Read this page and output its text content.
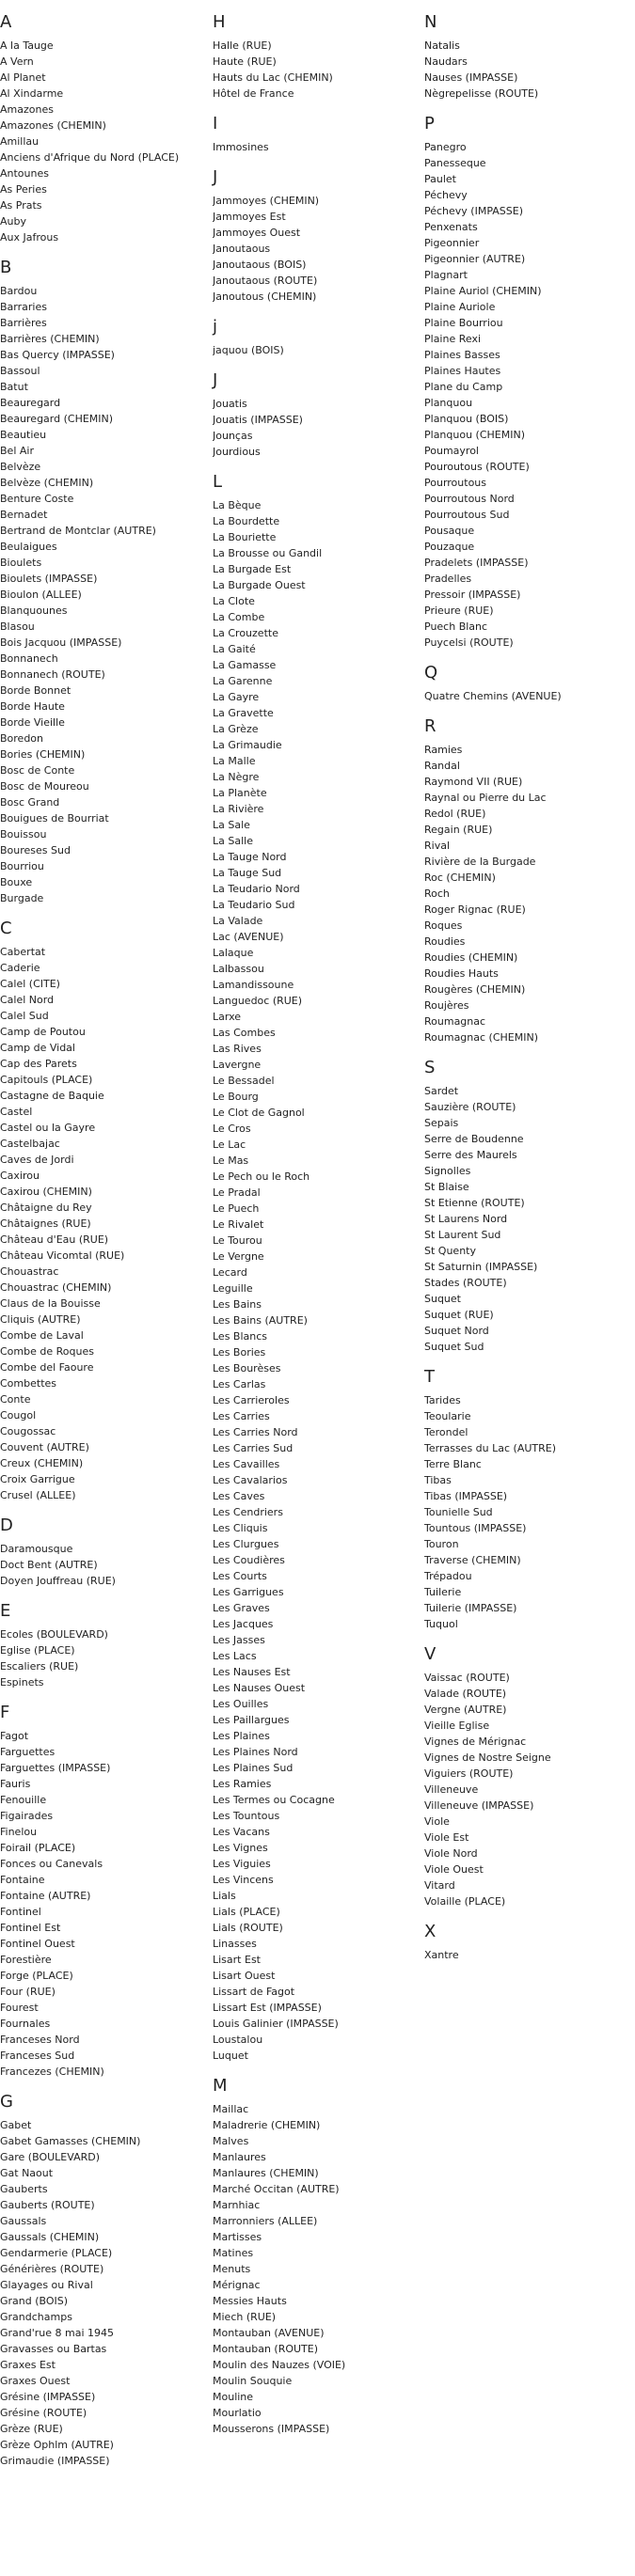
A
A la Tauge
A Vern
Al Planet
Al Xindarme
Amazones
Amazones (CHEMIN)
Amillau
Anciens d'Afrique du Nord (PLACE)
Antounes
As Peries
As Prats
Auby
Aux Jafrous
B
Bardou
Barraries
Barrières
Barrières (CHEMIN)
Bas Quercy (IMPASSE)
Bassoul
Batut
Beauregard
Beauregard (CHEMIN)
Beautieu
Bel Air
Belvèze
Belvèze (CHEMIN)
Benture Coste
Bernadet
Bertrand de Montclar (AUTRE)
Beulaigues
Bioulets
Bioulets (IMPASSE)
Bioulon (ALLEE)
Blanquounes
Blasou
Bois Jacquou (IMPASSE)
Bonnanech
Bonnanech (ROUTE)
Borde Bonnet
Borde Haute
Borde Vieille
Boredon
Bories (CHEMIN)
Bosc de Conte
Bosc de Moureou
Bosc Grand
Bouigues de Bourriat
Bouissou
Boureses Sud
Bourriou
Bouxe
Burgade
C
Cabertat
Caderie
Calel (CITE)
Calel Nord
Calel Sud
Camp de Poutou
Camp de Vidal
Cap des Parets
Capitouls (PLACE)
Castagne de Baquie
Castel
Castel ou la Gayre
Castelbajac
Caves de Jordi
Caxirou
Caxirou (CHEMIN)
Châtaigne du Rey
Châtaignes (RUE)
Château d'Eau (RUE)
Château Vicomtal (RUE)
Chouastrac
Chouastrac (CHEMIN)
Claus de la Bouisse
Cliquis (AUTRE)
Combe de Laval
Combe de Roques
Combe del Faoure
Combettes
Conte
Cougol
Cougossac
Couvent (AUTRE)
Creux (CHEMIN)
Croix Garrigue
Crusel (ALLEE)
D
Daramousque
Doct Bent (AUTRE)
Doyen Jouffreau (RUE)
E
Ecoles (BOULEVARD)
Eglise (PLACE)
Escaliers (RUE)
Espinets
F
Fagot
Farguettes
Farguettes (IMPASSE)
Fauris
Fenouille
Figairades
Finelou
Foirail (PLACE)
Fonces ou Canevals
Fontaine
Fontaine (AUTRE)
Fontinel
Fontinel Est
Fontinel Ouest
Forestière
Forge (PLACE)
Four (RUE)
Fourest
Fournales
Franceses Nord
Franceses Sud
Francezes (CHEMIN)
G
Gabet
Gabet Gamasses (CHEMIN)
Gare (BOULEVARD)
Gat Naout
Gauberts
Gauberts (ROUTE)
Gaussals
Gaussals (CHEMIN)
Gendarmerie (PLACE)
Générières (ROUTE)
Glayages ou Rival
Grand (BOIS)
Grandchamps
Grand'rue 8 mai 1945
Gravasses ou Bartas
Graxes Est
Graxes Ouest
Grésine (IMPASSE)
Grésine (ROUTE)
Grèze (RUE)
Grèze Ophlm (AUTRE)
Grimaudie (IMPASSE)
H
Halle (RUE)
Haute (RUE)
Hauts du Lac (CHEMIN)
Hôtel de France
I
Immosines
J
Jammoyes (CHEMIN)
Jammoyes Est
Jammoyes Ouest
Janoutaous
Janoutaous (BOIS)
Janoutaous (ROUTE)
Janoutous (CHEMIN)
j
jaquou (BOIS)
J
Jouatis
Jouatis (IMPASSE)
Jounças
Jourdious
L
La Bèque
La Bourdette
La Bouriette
La Brousse ou Gandil
La Burgade Est
La Burgade Ouest
La Clote
La Combe
La Crouzette
La Gaité
La Gamasse
La Garenne
La Gayre
La Gravette
La Grèze
La Grimaudie
La Malle
La Nègre
La Planète
La Rivière
La Sale
La Salle
La Tauge Nord
La Tauge Sud
La Teudario Nord
La Teudario Sud
La Valade
Lac (AVENUE)
Lalaque
Lalbassou
Lamandissoune
Languedoc (RUE)
Larxe
Las Combes
Las Rives
Lavergne
Le Bessadel
Le Bourg
Le Clot de Gagnol
Le Cros
Le Lac
Le Mas
Le Pech ou le Roch
Le Pradal
Le Puech
Le Rivalet
Le Tourou
Le Vergne
Lecard
Leguille
Les Bains
Les Bains (AUTRE)
Les Blancs
Les Bories
Les Bourèses
Les Carlas
Les Carrieroles
Les Carries
Les Carries Nord
Les Carries Sud
Les Cavailles
Les Cavalarios
Les Caves
Les Cendriers
Les Cliquis
Les Clurgues
Les Coudières
Les Courts
Les Garrigues
Les Graves
Les Jacques
Les Jasses
Les Lacs
Les Nauses Est
Les Nauses Ouest
Les Ouilles
Les Paillargues
Les Plaines
Les Plaines Nord
Les Plaines Sud
Les Ramies
Les Termes ou Cocagne
Les Tountous
Les Vacans
Les Vignes
Les Viguies
Les Vincens
Lials
Lials (PLACE)
Lials (ROUTE)
Linasses
Lisart Est
Lisart Ouest
Lissart de Fagot
Lissart Est (IMPASSE)
Louis Galinier (IMPASSE)
Loustalou
Luquet
M
Maillac
Maladrerie (CHEMIN)
Malves
Manlaures
Manlaures (CHEMIN)
Marché Occitan (AUTRE)
Marnhiac
Marronniers (ALLEE)
Martisses
Matines
Menuts
Mérignac
Messies Hauts
Miech (RUE)
Montauban (AVENUE)
Montauban (ROUTE)
Moulin des Nauzes (VOIE)
Moulin Souquie
Mouline
Mourlatio
Mousserons (IMPASSE)
N
Natalis
Naudars
Nauses (IMPASSE)
Nègrepelisse (ROUTE)
P
Panegro
Panesseque
Paulet
Péchevy
Péchevy (IMPASSE)
Penxenats
Pigeonnier
Pigeonnier (AUTRE)
Plagnart
Plaine Auriol (CHEMIN)
Plaine Auriole
Plaine Bourriou
Plaine Rexi
Plaines Basses
Plaines Hautes
Plane du Camp
Planquou
Planquou (BOIS)
Planquou (CHEMIN)
Poumayrol
Pouroutous (ROUTE)
Pourroutous
Pourroutous Nord
Pourroutous Sud
Pousaque
Pouzaque
Pradelets (IMPASSE)
Pradelles
Pressoir (IMPASSE)
Prieure (RUE)
Puech Blanc
Puycelsi (ROUTE)
Q
Quatre Chemins (AVENUE)
R
Ramies
Randal
Raymond VII (RUE)
Raynal ou Pierre du Lac
Redol (RUE)
Regain (RUE)
Rival
Rivière de la Burgade
Roc (CHEMIN)
Roch
Roger Rignac (RUE)
Roques
Roudies
Roudies (CHEMIN)
Roudies Hauts
Rougères (CHEMIN)
Roujères
Roumagnac
Roumagnac (CHEMIN)
S
Sardet
Sauzière (ROUTE)
Sepais
Serre de Boudenne
Serre des Maurels
Signolles
St Blaise
St Etienne (ROUTE)
St Laurens Nord
St Laurent Sud
St Quenty
St Saturnin (IMPASSE)
Stades (ROUTE)
Suquet
Suquet (RUE)
Suquet Nord
Suquet Sud
T
Tarides
Teoularie
Terondel
Terrasses du Lac (AUTRE)
Terre Blanc
Tibas
Tibas (IMPASSE)
Tounielle Sud
Tountous (IMPASSE)
Touron
Traverse (CHEMIN)
Trépadou
Tuilerie
Tuilerie (IMPASSE)
Tuquol
V
Vaissac (ROUTE)
Valade (ROUTE)
Vergne (AUTRE)
Vieille Eglise
Vignes de Mérignac
Vignes de Nostre Seigne
Viguiers (ROUTE)
Villeneuve
Villeneuve (IMPASSE)
Viole
Viole Est
Viole Nord
Viole Ouest
Vitard
Volaille (PLACE)
X
Xantre
